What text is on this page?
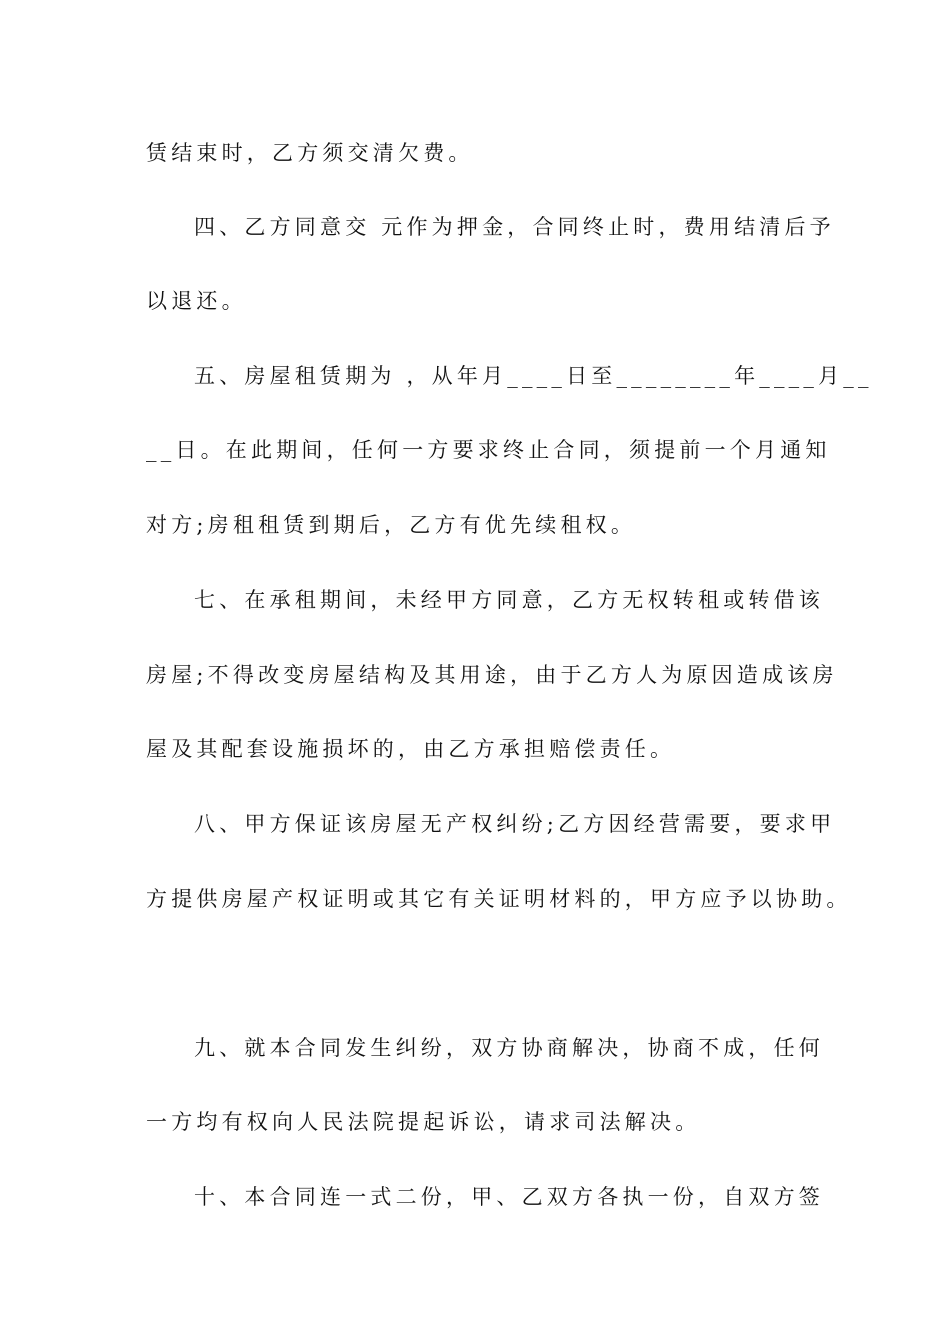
赁结束时，乙方须交清欠费。
四、乙方同意交 元作为押金，合同终止时，费用结清后予
以退还。
五、房屋租赁期为 ，从年月____日至________年____月__
__日。在此期间，任何一方要求终止合同，须提前一个月通知
对方;房租租赁到期后，乙方有优先续租权。
七、在承租期间，未经甲方同意，乙方无权转租或转借该
房屋;不得改变房屋结构及其用途，由于乙方人为原因造成该房
屋及其配套设施损坏的，由乙方承担赔偿责任。
八、甲方保证该房屋无产权纠纷;乙方因经营需要，要求甲
方提供房屋产权证明或其它有关证明材料的，甲方应予以协助。
九、就本合同发生纠纷，双方协商解决，协商不成，任何
一方均有权向人民法院提起诉讼，请求司法解决。
十、本合同连一式二份，甲、乙双方各执一份，自双方签
